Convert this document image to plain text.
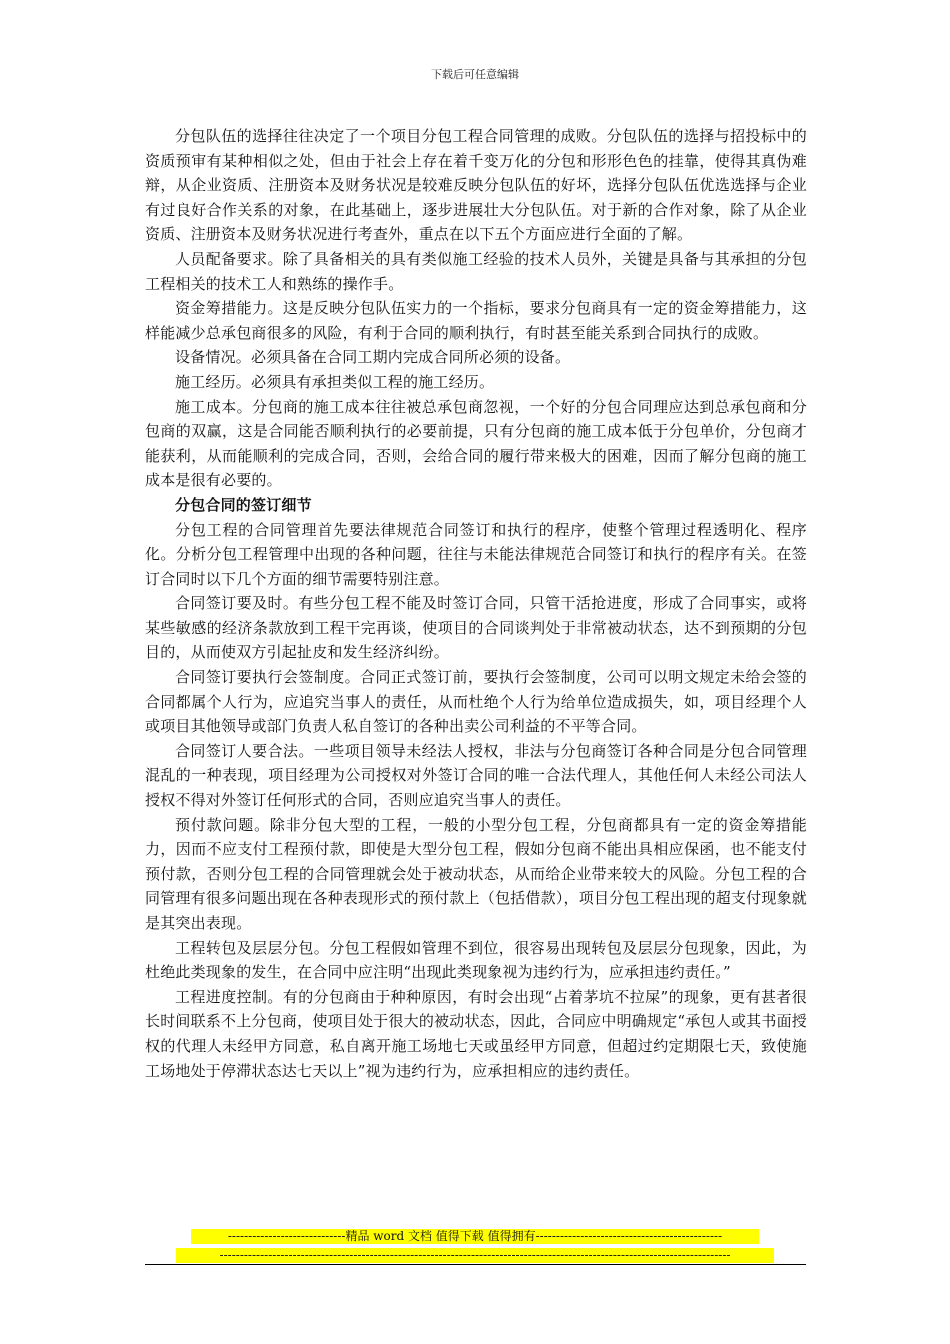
下载后可任意编辑

分包队伍的选择往往决定了一个项目分包工程合同管理的成败。分包队伍的选择与招投标中的资质预审有某种相似之处，但由于社会上存在着千变万化的分包和形形色色的挂靠，使得其真伪难辩，从企业资质、注册资本及财务状况是较难反映分包队伍的好坏，选择分包队伍优选选择与企业有过良好合作关系的对象，在此基础上，逐步进展壮大分包队伍。对于新的合作对象，除了从企业资质、注册资本及财务状况进行考查外，重点在以下五个方面应进行全面的了解。

人员配备要求。除了具备相关的具有类似施工经验的技术人员外，关键是具备与其承担的分包工程相关的技术工人和熟练的操作手。

资金筹措能力。这是反映分包队伍实力的一个指标，要求分包商具有一定的资金筹措能力，这样能减少总承包商很多的风险，有利于合同的顺利执行，有时甚至能关系到合同执行的成败。

设备情况。必须具备在合同工期内完成合同所必须的设备。

施工经历。必须具有承担类似工程的施工经历。

施工成本。分包商的施工成本往往被总承包商忽视，一个好的分包合同理应达到总承包商和分包商的双赢，这是合同能否顺利执行的必要前提，只有分包商的施工成本低于分包单价，分包商才能获利，从而能顺利的完成合同，否则，会给合同的履行带来极大的困难，因而了解分包商的施工成本是很有必要的。

分包合同的签订细节

分包工程的合同管理首先要法律规范合同签订和执行的程序，使整个管理过程透明化、程序化。分析分包工程管理中出现的各种问题，往往与未能法律规范合同签订和执行的程序有关。在签订合同时以下几个方面的细节需要特别注意。

合同签订要及时。有些分包工程不能及时签订合同，只管干活抢进度，形成了合同事实，或将某些敏感的经济条款放到工程干完再谈，使项目的合同谈判处于非常被动状态，达不到预期的分包目的，从而使双方引起扯皮和发生经济纠纷。

合同签订要执行会签制度。合同正式签订前，要执行会签制度，公司可以明文规定未给会签的合同都属个人行为，应追究当事人的责任，从而杜绝个人行为给单位造成损失，如，项目经理个人或项目其他领导或部门负责人私自签订的各种出卖公司利益的不平等合同。

合同签订人要合法。一些项目领导未经法人授权，非法与分包商签订各种合同是分包合同管理混乱的一种表现，项目经理为公司授权对外签订合同的唯一合法代理人，其他任何人未经公司法人授权不得对外签订任何形式的合同，否则应追究当事人的责任。

预付款问题。除非分包大型的工程，一般的小型分包工程，分包商都具有一定的资金筹措能力，因而不应支付工程预付款，即使是大型分包工程，假如分包商不能出具相应保函，也不能支付预付款，否则分包工程的合同管理就会处于被动状态，从而给企业带来较大的风险。分包工程的合同管理有很多问题出现在各种表现形式的预付款上（包括借款），项目分包工程出现的超支付现象就是其突出表现。

工程转包及层层分包。分包工程假如管理不到位，很容易出现转包及层层分包现象，因此，为杜绝此类现象的发生，在合同中应注明“出现此类现象视为违约行为，应承担违约责任。”

工程进度控制。有的分包商由于种种原因，有时会出现“占着茅坑不拉屎”的现象，更有甚者很长时间联系不上分包商，使项目处于很大的被动状态，因此，合同应中明确规定“承包人或其书面授权的代理人未经甲方同意，私自离开施工场地七天或虽经甲方同意，但超过约定期限七天，致使施工场地处于停滞状态达七天以上”视为违约行为，应承担相应的违约责任。

-----------------------------精品 word 文档 值得下载 值得拥有----------------------------------------------
------------------------------------------------------------------------------------------------------------------------------
